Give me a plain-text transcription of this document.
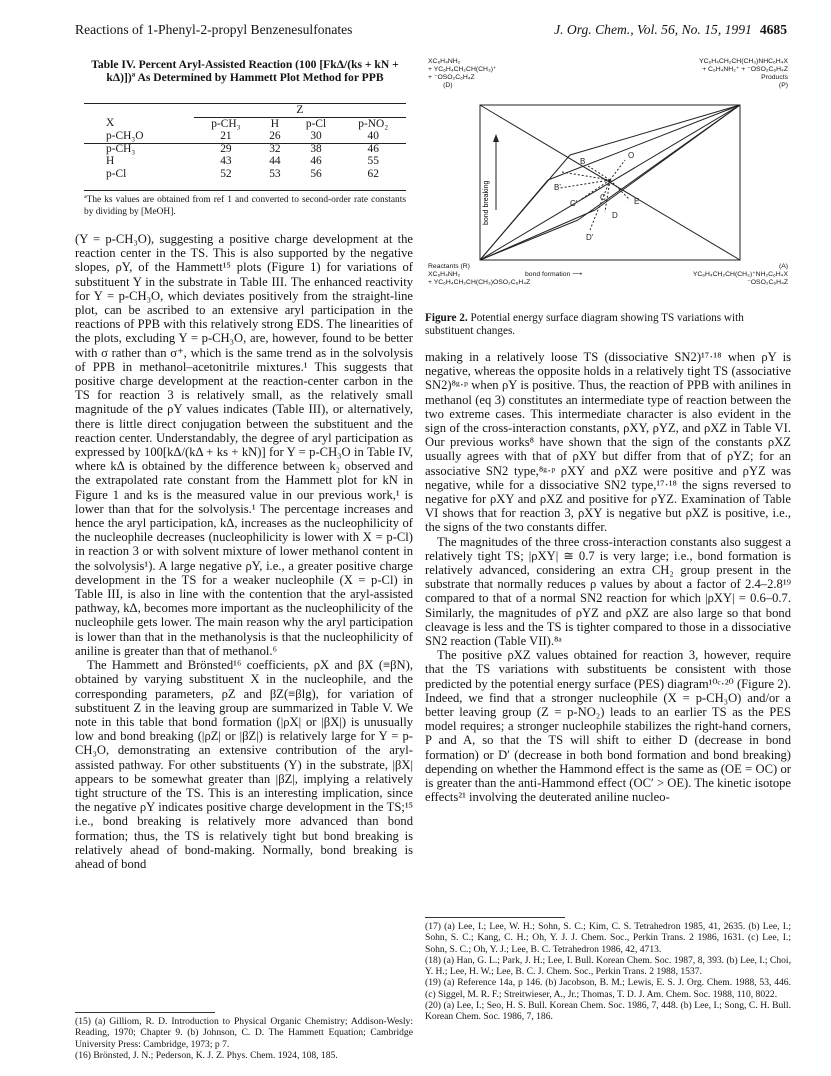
Reactions of 1-Phenyl-2-propyl Benzenesulfonates	J. Org. Chem., Vol. 56, No. 15, 1991 4685
Table IV. Percent Aryl-Assisted Reaction (100 [FkΔ/(ks + kN + kΔ)])ª As Determined by Hammett Plot Method for PPB
	Z			
X	p-CH₃	H	p-Cl	p-NO₂
p-CH₃O	21	26	30	40
p-CH₃	29	32	38	46
H	43	44	46	55
p-Cl	52	53	56	62
ªThe ks values are obtained from ref 1 and converted to second-order rate constants by dividing by [MeOH].

(Y = p-CH₃O), suggesting a positive charge development at the reaction center in the TS. This is also supported by the negative slopes, ρY, of the Hammett¹⁵ plots (Figure 1) for variations of substituent Y in the substrate in Table III. The enhanced reactivity for Y = p-CH₃O, which deviates positively from the straight-line plot, can be ascribed to an extensive aryl participation in the reactions of PPB with this relatively strong EDS. The linearities of the plots, excluding Y = p-CH₃O, are, however, found to be better with σ rather than σ⁺, which is the same trend as in the solvolysis of PPB in methanol–acetonitrile mixtures.¹ This suggests that positive charge development at the reaction-center carbon in the TS for reaction 3 is relatively small, as the relatively small magnitude of the ρY values indicates (Table III), or alternatively, there is little direct conjugation between the substituent and the reaction center. Understandably, the degree of aryl participation as expressed by 100[kΔ/(kΔ + ks + kN)] for Y = p-CH₃O in Table IV, where kΔ is obtained by the difference between k₂ observed and the extrapolated rate constant from the Hammett plot for kN in Figure 1 and ks is the measured value in our previous work,¹ is lower than that for the solvolysis.¹ The percentage increases and hence the aryl participation, kΔ, increases as the nucleophilicity of the nucleophile decreases (nucleophilicity is lower with X = p-Cl) in reaction 3 or with solvent mixture of lower methanol content in the solvolysis¹). A large negative ρY, i.e., a greater positive charge development in the TS for a weaker nucleophile (X = p-Cl) in Table III, is also in line with the contention that the aryl-assisted pathway, kΔ, becomes more important as the nucleophilicity of the nucleophile gets lower. The main reason why the aryl participation is lower than that in the methanolysis is that the nucleophilicity of aniline is greater than that of methanol.⁶

The Hammett and Brönsted¹⁶ coefficients, ρX and βX (≡βN), obtained by varying substituent X in the nucleophile, and the corresponding parameters, ρZ and βZ(≡βlg), for variation of substituent Z in the leaving group are summarized in Table V. We note in this table that bond formation (|ρX| or |βX|) is unusually low and bond breaking (|ρZ| or |βZ|) is relatively large for Y = p-CH₃O, demonstrating an extensive contribution of the aryl-assisted pathway. For other substituents (Y) in the substrate, |βX| appears to be somewhat greater than |βZ|, implying a relatively tight structure of the TS. This is an interesting implication, since the negative ρY indicates positive charge development in the TS;¹⁵ i.e., bond breaking is relatively more advanced than bond formation; thus, the TS is relatively tight but bond breaking is relatively ahead of bond-making. Normally, bond breaking is ahead of bond

(15) (a) Gilliom, R. D. Introduction to Physical Organic Chemistry; Addison-Wesly: Reading, 1970; Chapter 9. (b) Johnson, C. D. The Hammett Equation; Cambridge University Press: Cambridge, 1973; p 7.
(16) Brönsted, J. N.; Pederson, K. J. Z. Phys. Chem. 1924, 108, 185.
XC₆H₄NH₂
+ YC₆H₄CH₂CH(CH₃)⁺
+ ⁻OSO₂C₆H₄Z
(D)
YC₆H₄CH₂CH(CH₃)NHC₆H₄X
+ C₆H₄NH₂⁺ + ⁻OSO₂C₆H₄Z
Products
(P)
Reactants (R)
XC₆H₄NH₂
+ YC₆H₄CH₂CH(CH₃)OSO₂C₆H₄Z
(A)
YC₆H₄CH₂CH(CH₃)⁺NH₂C₆H₄X
⁻OSO₂C₆H₄Z
bond breaking
O
B
B'
E
C'
C
D
D'
bond formation ⟶
Figure 2. Potential energy surface diagram showing TS variations with substituent changes.

making in a relatively loose TS (dissociative SN2)¹⁷·¹⁸ when ρY is negative, whereas the opposite holds in a relatively tight TS (associative SN2)⁸ᵍ·ᵖ when ρY is positive. Thus, the reaction of PPB with anilines in methanol (eq 3) constitutes an intermediate type of reaction between the two extreme cases. This intermediate character is also evident in the sign of the cross-interaction constants, ρXY, ρYZ, and ρXZ in Table VI. Our previous works⁸ have shown that the sign of the constants ρXZ usually agrees with that of ρXY but differ from that of ρYZ; for an associative SN2 type,⁸ᵍ·ᵖ ρXY and ρXZ were positive and ρYZ was negative, while for a dissociative SN2 type,¹⁷·¹⁸ the signs reversed to negative for ρXY and ρXZ and positive for ρYZ. Examination of Table VI shows that for reaction 3, ρXY is negative but ρXZ is positive, i.e., the signs of the two constants differ.

The magnitudes of the three cross-interaction constants also suggest a relatively tight TS; |ρXY| ≅ 0.7 is very large; i.e., bond formation is relatively advanced, considering an extra CH₂ group present in the substrate that normally reduces ρ values by about a factor of 2.4–2.8¹⁹ compared to that of a normal SN2 reaction for which |ρXY| = 0.6–0.7. Similarly, the magnitudes of ρYZ and ρXZ are also large so that bond cleavage is less and the TS is tighter compared to those in a dissociative SN2 reaction (Table VII).⁸ᵃ

The positive ρXZ values obtained for reaction 3, however, require that the TS variations with substituents be consistent with those predicted by the potential energy surface (PES) diagram¹⁰ᶜ·²⁰ (Figure 2). Indeed, we find that a stronger nucleophile (X = p-CH₃O) and/or a better leaving group (Z = p-NO₂) leads to an earlier TS as the PES model requires; a stronger nucleophile stabilizes the right-hand corners, P and A, so that the TS will shift to either D (decrease in bond formation) or D′ (decrease in both bond formation and bond breaking) depending on whether the Hammond effect is the same as (OE = OC) or is greater than the anti-Hammond effect (OC′ > OE). The kinetic isotope effects²¹ involving the deuterated aniline nucleo-

(17) (a) Lee, I.; Lee, W. H.; Sohn, S. C.; Kim, C. S. Tetrahedron 1985, 41, 2635. (b) Lee, I.; Sohn, S. C.; Kang, C. H.; Oh, Y. J. J. Chem. Soc., Perkin Trans. 2 1986, 1631. (c) Lee, I.; Sohn, S. C.; Oh, Y. J.; Lee, B. C. Tetrahedron 1986, 42, 4713.
(18) (a) Han, G. L.; Park, J. H.; Lee, I. Bull. Korean Chem. Soc. 1987, 8, 393. (b) Lee, I.; Choi, Y. H.; Lee, H. W.; Lee, B. C. J. Chem. Soc., Perkin Trans. 2 1988, 1537.
(19) (a) Reference 14a, p 146. (b) Jacobson, B. M.; Lewis, E. S. J. Org. Chem. 1988, 53, 446. (c) Siggel, M. R. F.; Streitwieser, A., Jr.; Thomas, T. D. J. Am. Chem. Soc. 1988, 110, 8022.
(20) (a) Lee, I.; Seo, H. S. Bull. Korean Chem. Soc. 1986, 7, 448. (b) Lee, I.; Song, C. H. Bull. Korean Chem. Soc. 1986, 7, 186.
